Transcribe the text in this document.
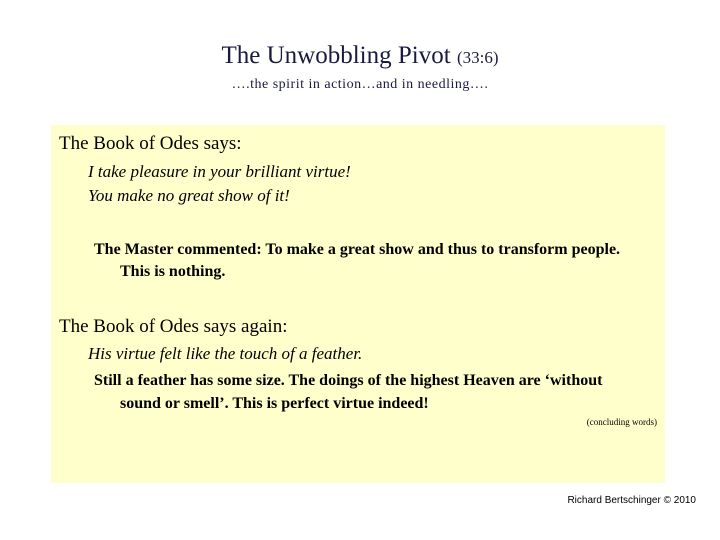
The Unwobbling Pivot (33:6)
….the spirit in action…and in needling….
The Book of Odes says:
I take pleasure in your brilliant virtue!
You make no great show of it!
The Master commented: To make a great show and thus to transform people.
This is nothing.
The Book of Odes says again:
His virtue felt like the touch of a feather.
Still a feather has some size. The doings of the highest Heaven are ‘without
sound or smell’. This is perfect virtue indeed!
(concluding words)
Richard Bertschinger © 2010
